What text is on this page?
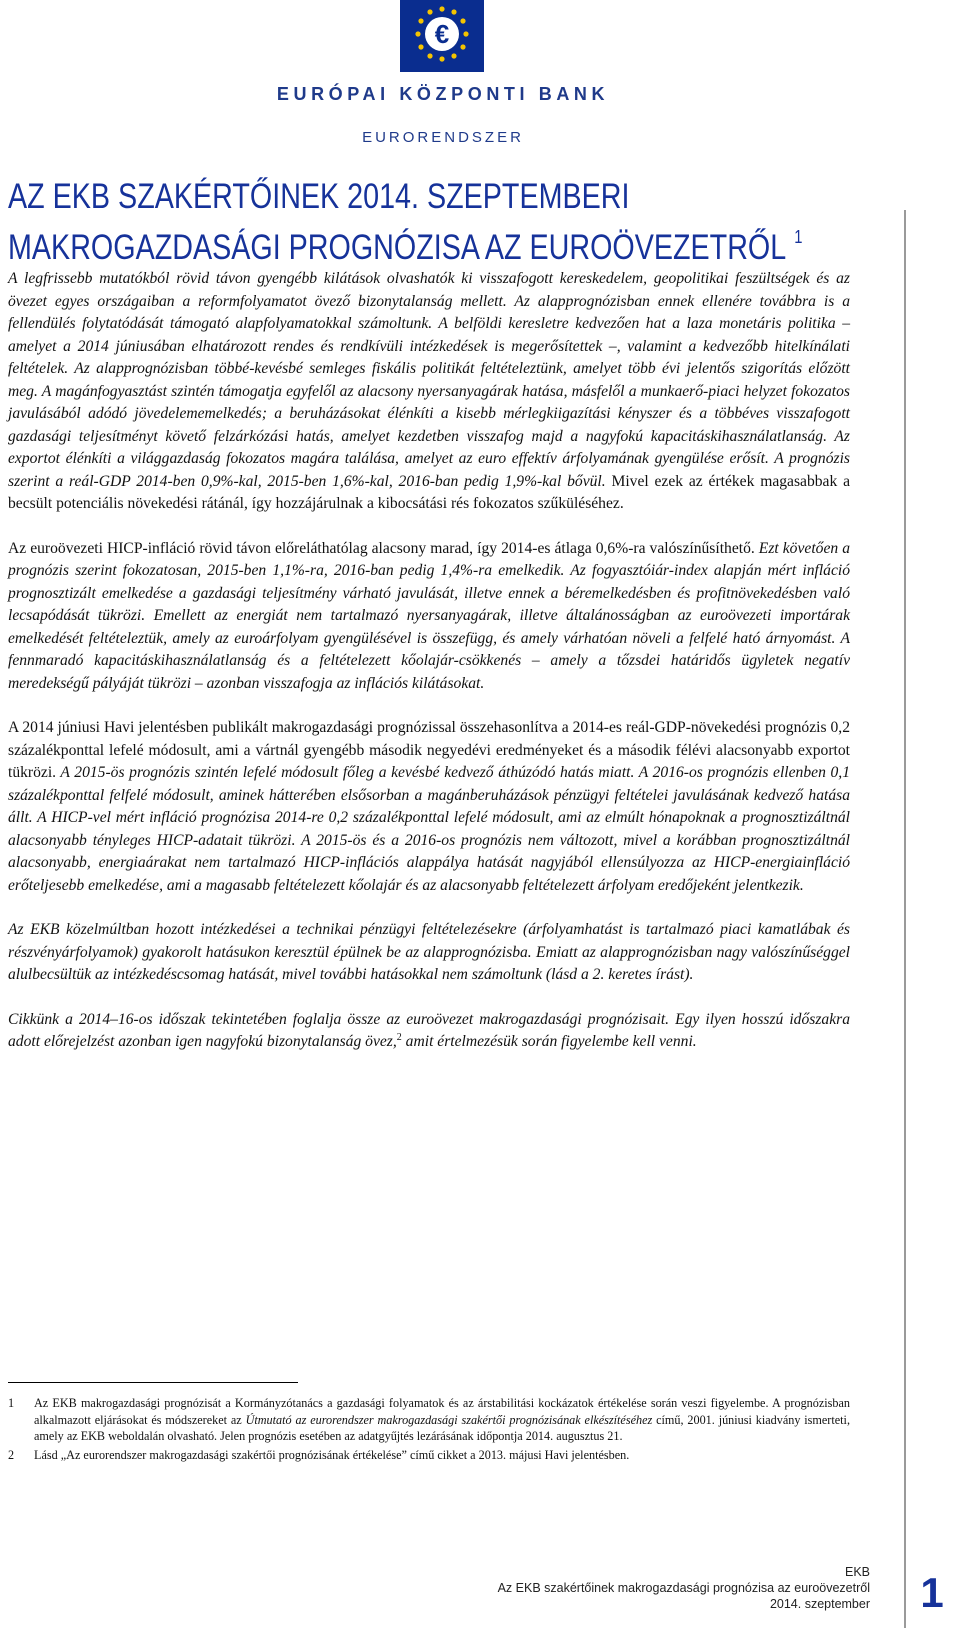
€
EURÓPAI KÖZPONTI BANK
EURORENDSZER
AZ EKB SZAKÉRTŐINEK 2014. SZEPTEMBERI
MAKROGAZDASÁGI PROGNÓZISA AZ EUROÖVEZETRŐL $^1$

A legfrissebb mutatókból rövid távon gyengébb kilátások olvashatók ki visszafogott kereskedelem, geopolitikai feszültségek és az övezet egyes országaiban a reformfolyamatot övező bizonytalanság mellett. Az alapprognózisban ennek ellenére továbbra is a fellendülés folytatódását támogató alapfolyamatokkal számoltunk. A belföldi keresletre kedvezően hat a laza monetáris politika – amelyet a 2014 júniusában elhatározott rendes és rendkívüli intézkedések is megerősítettek –, valamint a kedvezőbb hitelkínálati feltételek. Az alapprognózisban többé-kevésbé semleges fiskális politikát feltételeztünk, amelyet több évi jelentős szigorítás előzött meg. A magánfogyasztást szintén támogatja egyfelől az alacsony nyersanyagárak hatása, másfelől a munkaerő-piaci helyzet fokozatos javulásából adódó jövedelememelkedés; a beruházásokat élénkíti a kisebb mérlegkiigazítási kényszer és a többéves visszafogott gazdasági teljesítményt követő felzárkózási hatás, amelyet kezdetben visszafog majd a nagyfokú kapacitáskihasználatlanság. Az exportot élénkíti a világgazdaság fokozatos magára találása, amelyet az euro effektív árfolyamának gyengülése erősít. A prognózis szerint a reál-GDP 2014-ben 0,9%-kal, 2015-ben 1,6%-kal, 2016-ban pedig 1,9%-kal bővül. Mivel ezek az értékek magasabbak a becsült potenciális növekedési rátánál, így hozzájárulnak a kibocsátási rés fokozatos szűküléséhez.

Az euroövezeti HICP-infláció rövid távon előreláthatólag alacsony marad, így 2014-es átlaga 0,6%-ra valószínűsíthető. Ezt követően a prognózis szerint fokozatosan, 2015-ben 1,1%-ra, 2016-ban pedig 1,4%-ra emelkedik. Az fogyasztóiár-index alapján mért infláció prognosztizált emelkedése a gazdasági teljesítmény várható javulását, illetve ennek a béremelkedésben és profitnövekedésben való lecsapódását tükrözi. Emellett az energiát nem tartalmazó nyersanyagárak, illetve általánosságban az euroövezeti importárak emelkedését feltételeztük, amely az euroárfolyam gyengülésével is összefügg, és amely várhatóan növeli a felfelé ható árnyomást. A fennmaradó kapacitáskihasználatlanság és a feltételezett kőolajár-csökkenés – amely a tőzsdei határidős ügyletek negatív meredekségű pályáját tükrözi – azonban visszafogja az inflációs kilátásokat.

A 2014 júniusi Havi jelentésben publikált makrogazdasági prognózissal összehasonlítva a 2014-es reál-GDP-növekedési prognózis 0,2 százalékponttal lefelé módosult, ami a vártnál gyengébb második negyedévi eredményeket és a második félévi alacsonyabb exportot tükrözi. A 2015-ös prognózis szintén lefelé módosult főleg a kevésbé kedvező áthúzódó hatás miatt. A 2016-os prognózis ellenben 0,1 százalékponttal felfelé módosult, aminek hátterében elsősorban a magánberuházások pénzügyi feltételei javulásának kedvező hatása állt. A HICP-vel mért infláció prognózisa 2014-re 0,2 százalékponttal lefelé módosult, ami az elmúlt hónapoknak a prognosztizáltnál alacsonyabb tényleges HICP-adatait tükrözi. A 2015-ös és a 2016-os prognózis nem változott, mivel a korábban prognosztizáltnál alacsonyabb, energiaárakat nem tartalmazó HICP-inflációs alappálya hatását nagyjából ellensúlyozza az HICP-energiainfláció erőteljesebb emelkedése, ami a magasabb feltételezett kőolajár és az alacsonyabb feltételezett árfolyam eredőjeként jelentkezik.

Az EKB közelmúltban hozott intézkedései a technikai pénzügyi feltételezésekre (árfolyamhatást is tartalmazó piaci kamatlábak és részvényárfolyamok) gyakorolt hatásukon keresztül épülnek be az alapprognózisba. Emiatt az alapprognózisban nagy valószínűséggel alulbecsültük az intézkedéscsomag hatását, mivel további hatásokkal nem számoltunk (lásd a 2. keretes írást).

Cikkünk a 2014–16-os időszak tekintetében foglalja össze az euroövezet makrogazdasági prognózisait. Egy ilyen hosszú időszakra adott előrejelzést azonban igen nagyfokú bizonytalanság övez,$^2$ amit értelmezésük során figyelembe kell venni.

1 Az EKB makrogazdasági prognózisát a Kormányzótanács a gazdasági folyamatok és az árstabilitási kockázatok értékelése során veszi figyelembe. A prognózisban alkalmazott eljárásokat és módszereket az Útmutató az eurorendszer makrogazdasági szakértői prognózisának elkészítéséhez című, 2001. júniusi kiadvány ismerteti, amely az EKB weboldalán olvasható. Jelen prognózis esetében az adatgyűjtés lezárásának időpontja 2014. augusztus 21.
2 Lásd „Az eurorendszer makrogazdasági szakértői prognózisának értékelése” című cikket a 2013. májusi Havi jelentésben.
EKB
Az EKB szakértőinek makrogazdasági prognózisa az euroövezetről
2014. szeptember 1
